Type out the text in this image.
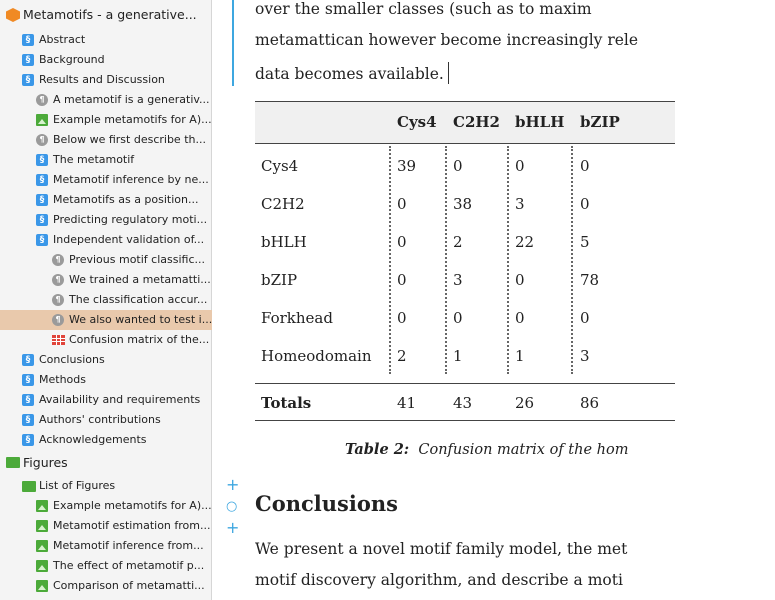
Metamotifs - a generative...
§ Abstract
§ Background
§ Results and Discussion
¶ A metamotif is a generativ...
Example metamotifs for A)...
¶ Below we first describe th...
§ The metamotif
§ Metamotif inference by ne...
§ Metamotifs as a position...
§ Predicting regulatory moti...
§ Independent validation of...
¶ Previous motif classific...
¶ We trained a metamatti...
¶ The classification accur...
¶ We also wanted to test i...
Confusion matrix of the...
§ Conclusions
§ Methods
§ Availability and requirements
§ Authors' contributions
§ Acknowledgements
Figures
List of Figures
Example metamotifs for A)...
Metamotif estimation from...
Metamotif inference from...
The effect of metamotif p...
Comparison of metamatti...
over the smaller classes (such as to maxim
metamattican however become increasingly rele
data becomes available.
Cys4 C2H2 bHLH bZIP
Cys4	39 0	0	0
C2H2	0	38	3	0
bHLH	0	2	22	5
bZIP	0	3	0	78
Forkhead	0	0	0	0
Homeodomain 2	1	1	3
Totals	41 43	26	86
Table 2: Confusion matrix of the hom
+
○
+
Conclusions
We present a novel motif family model, the met
motif discovery algorithm, and describe a moti
